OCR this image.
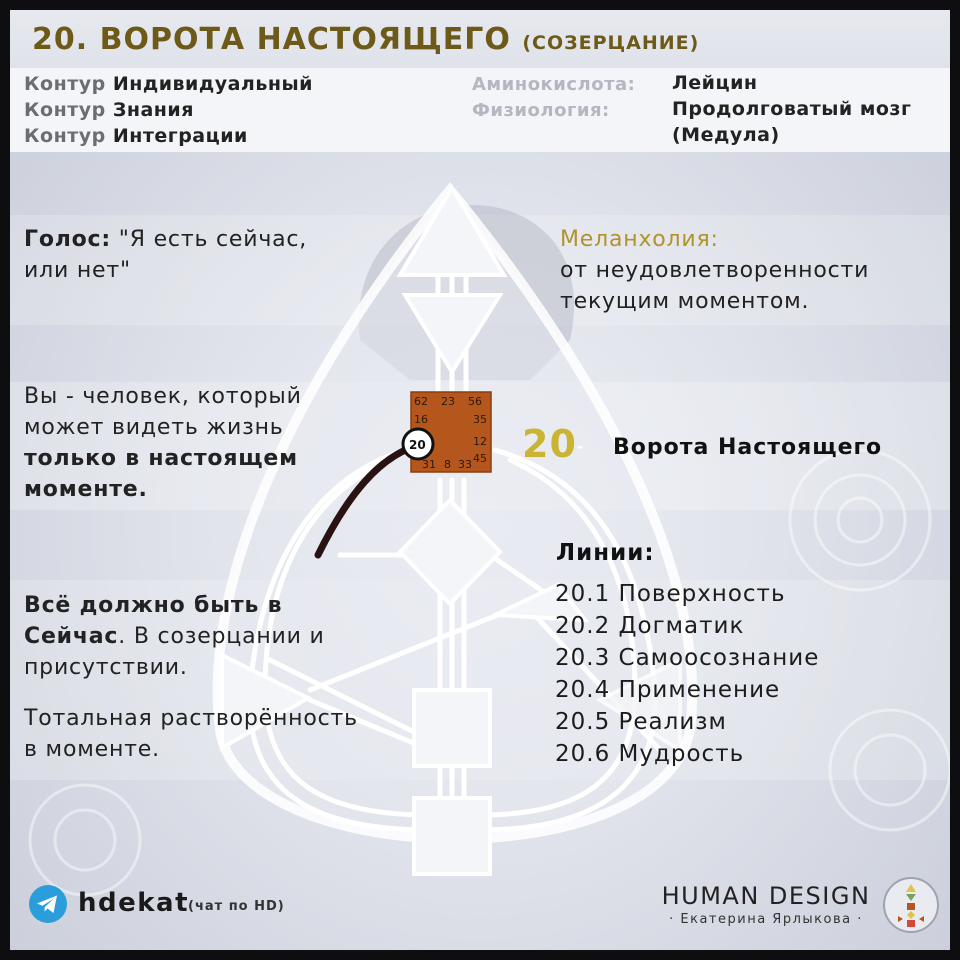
62 23 56
16	35
12
45
31 8 33
20
20. ВОРОТА НАСТОЯЩЕГО (СОЗЕРЦАНИЕ)
Контур Индивидуальный
Контур Знания
Контур Интеграции
Аминокислота: Лейцин
Физиология:	Продолговатый мозг
(Медула)
Голос: "Я есть сейчас,
или нет"
Меланхолия:
от неудовлетворенности
текущим моментом.
Вы - человек, который
может видеть жизнь
только в настоящем
моменте.
20- Ворота Настоящего
Всё должно быть в
Сейчас. В созерцании и
присутствии.
Тотальная растворённость
в моменте.
Линии:
20.1 Поверхность
20.2 Догматик
20.3 Самоосознание
20.4 Применение
20.5 Реализм
20.6 Мудрость
hdekat
(чат по HD)	HUMAN DESIGN
· Екатерина Ярлыкова ·
